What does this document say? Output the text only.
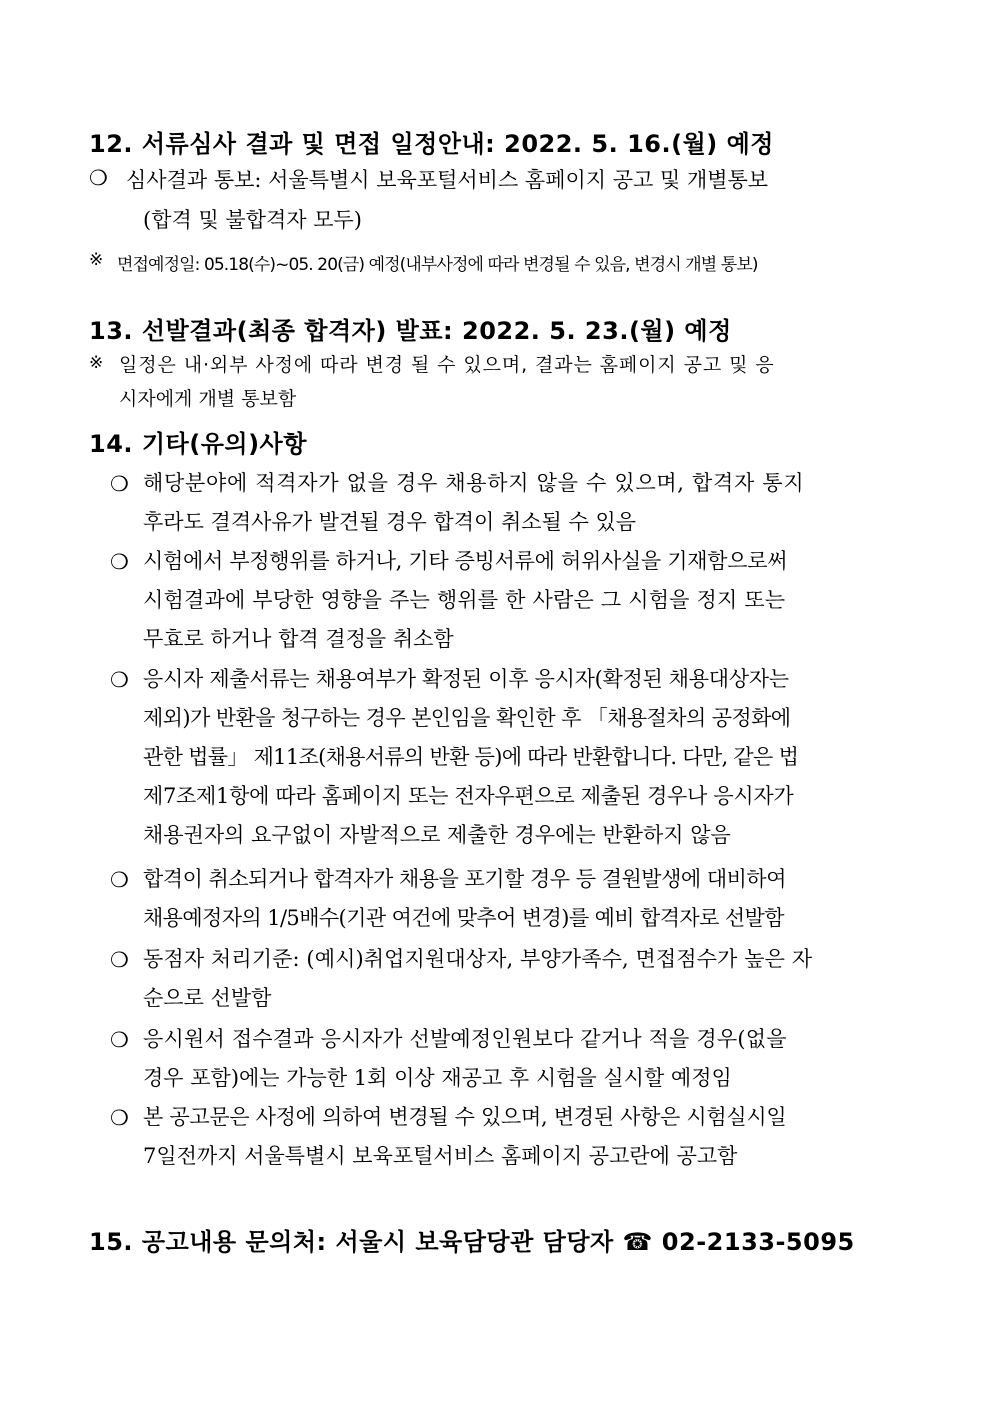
12. 서류심사 결과 및 면접 일정안내: 2022. 5. 16.(월) 예정
❍ 심사결과 통보: 서울특별시 보육포털서비스 홈페이지 공고 및 개별통보
(합격 및 불합격자 모두)
※ 면접예정일: 05.18(수)~05. 20(금) 예정(내부사정에 따라 변경될 수 있음, 변경시 개별 통보)
13. 선발결과(최종 합격자) 발표: 2022. 5. 23.(월) 예정
※ 일정은 내·외부 사정에 따라 변경 될 수 있으며, 결과는 홈페이지 공고 및 응
시자에게 개별 통보함
14. 기타(유의)사항
❍ 해당분야에 적격자가 없을 경우 채용하지 않을 수 있으며, 합격자 통지
후라도 결격사유가 발견될 경우 합격이 취소될 수 있음
❍ 시험에서 부정행위를 하거나, 기타 증빙서류에 허위사실을 기재함으로써
시험결과에 부당한 영향을 주는 행위를 한 사람은 그 시험을 정지 또는
무효로 하거나 합격 결정을 취소함
❍ 응시자 제출서류는 채용여부가 확정된 이후 응시자(확정된 채용대상자는
제외)가 반환을 청구하는 경우 본인임을 확인한 후 「채용절차의 공정화에
관한 법률」 제11조(채용서류의 반환 등)에 따라 반환합니다. 다만, 같은 법
제7조제1항에 따라 홈페이지 또는 전자우편으로 제출된 경우나 응시자가
채용권자의 요구없이 자발적으로 제출한 경우에는 반환하지 않음
❍ 합격이 취소되거나 합격자가 채용을 포기할 경우 등 결원발생에 대비하여
채용예정자의 1/5배수(기관 여건에 맞추어 변경)를 예비 합격자로 선발함
❍ 동점자 처리기준: (예시)취업지원대상자, 부양가족수, 면접점수가 높은 자
순으로 선발함
❍ 응시원서 접수결과 응시자가 선발예정인원보다 같거나 적을 경우(없을
경우 포함)에는 가능한 1회 이상 재공고 후 시험을 실시할 예정임
❍ 본 공고문은 사정에 의하여 변경될 수 있으며, 변경된 사항은 시험실시일
7일전까지 서울특별시 보육포털서비스 홈페이지 공고란에 공고함
15. 공고내용 문의처: 서울시 보육담당관 담당자 ☎ 02-2133-5095
